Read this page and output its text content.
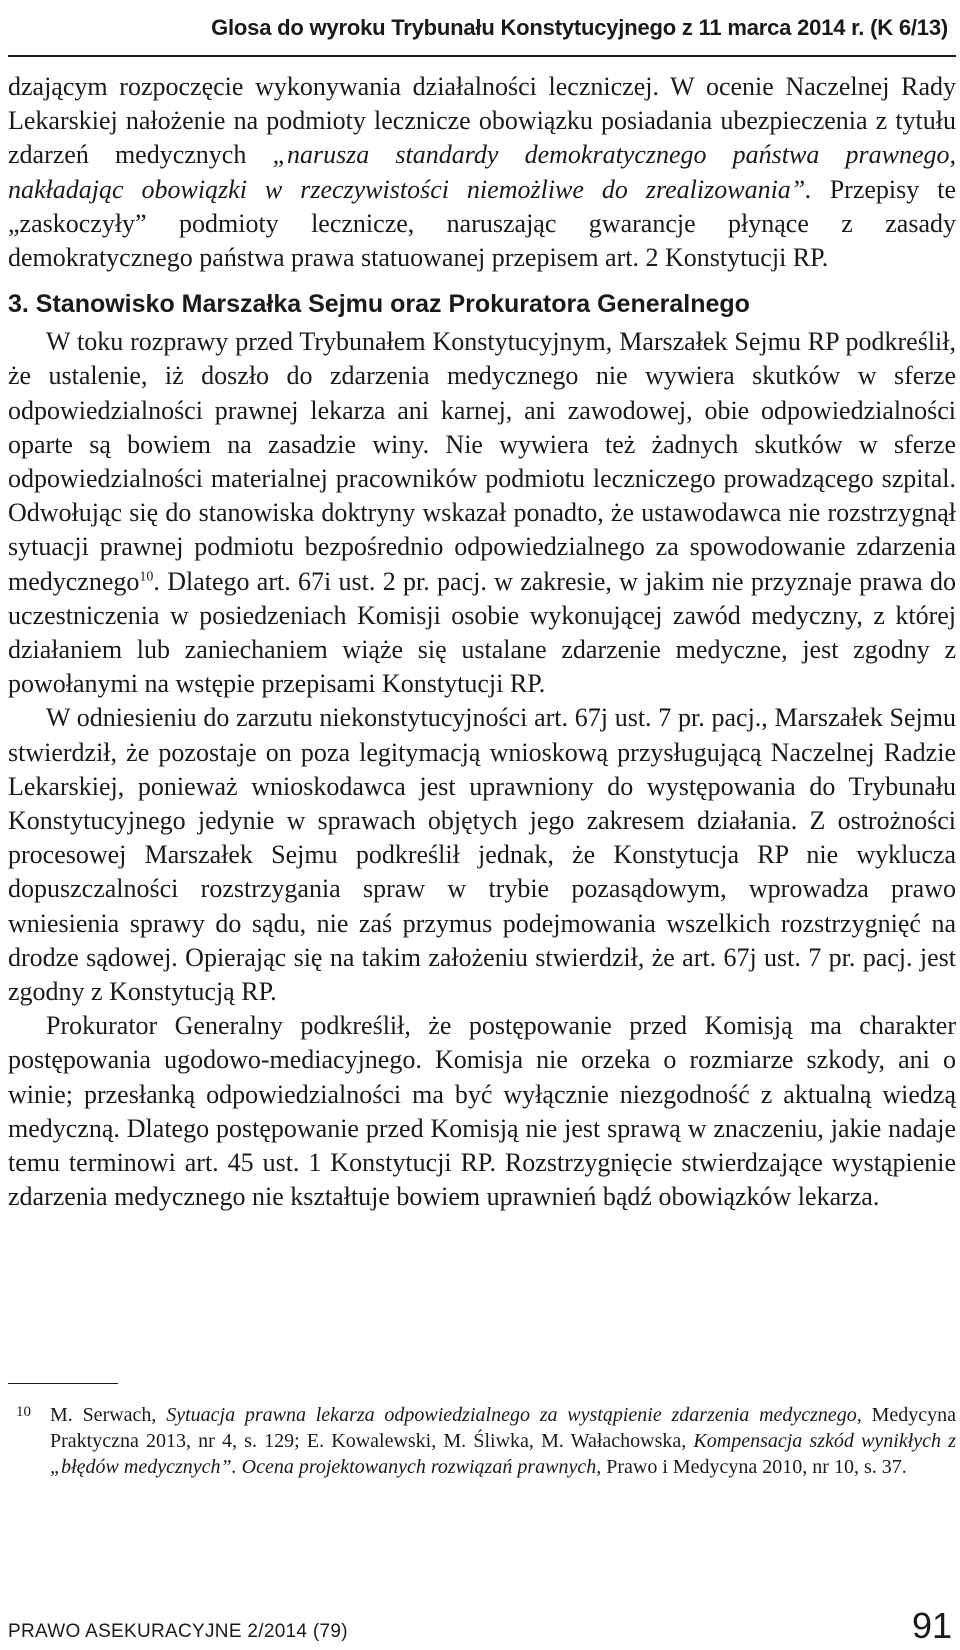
Glosa do wyroku Trybunału Konstytucyjnego z 11 marca 2014 r. (K 6/13)

dzającym rozpoczęcie wykonywania działalności leczniczej. W ocenie Naczelnej Rady Lekarskiej nałożenie na podmioty lecznicze obowiązku posiadania ubezpieczenia z tytułu zdarzeń medycznych „narusza standardy demokratycznego państwa prawnego, nakładając obowiązki w rzeczywistości niemożliwe do zrealizowania”. Przepisy te „zaskoczyły” podmioty lecznicze, naruszając gwarancje płynące z zasady demokratycznego państwa prawa statuowanej przepisem art. 2 Konstytucji RP.

3. Stanowisko Marszałka Sejmu oraz Prokuratora Generalnego

W toku rozprawy przed Trybunałem Konstytucyjnym, Marszałek Sejmu RP podkreślił, że ustalenie, iż doszło do zdarzenia medycznego nie wywiera skutków w sferze odpowiedzialności prawnej lekarza ani karnej, ani zawodowej, obie odpowiedzialności oparte są bowiem na zasadzie winy. Nie wywiera też żadnych skutków w sferze odpowiedzialności materialnej pracowników podmiotu leczniczego prowadzącego szpital. Odwołując się do stanowiska doktryny wskazał ponadto, że ustawodawca nie rozstrzygnął sytuacji prawnej podmiotu bezpośrednio odpowiedzialnego za spowodowanie zdarzenia medycznego$^{10}$. Dlatego art. 67i ust. 2 pr. pacj. w zakresie, w jakim nie przyznaje prawa do uczestniczenia w posiedzeniach Komisji osobie wykonującej zawód medyczny, z której działaniem lub zaniechaniem wiąże się ustalane zdarzenie medyczne, jest zgodny z powołanymi na wstępie przepisami Konstytucji RP.

W odniesieniu do zarzutu niekonstytucyjności art. 67j ust. 7 pr. pacj., Marszałek Sejmu stwierdził, że pozostaje on poza legitymacją wnioskową przysługującą Naczelnej Radzie Lekarskiej, ponieważ wnioskodawca jest uprawniony do występowania do Trybunału Konstytucyjnego jedynie w sprawach objętych jego zakresem działania. Z ostrożności procesowej Marszałek Sejmu podkreślił jednak, że Konstytucja RP nie wyklucza dopuszczalności rozstrzygania spraw w trybie pozasądowym, wprowadza prawo wniesienia sprawy do sądu, nie zaś przymus podejmowania wszelkich rozstrzygnięć na drodze sądowej. Opierając się na takim założeniu stwierdził, że art. 67j ust. 7 pr. pacj. jest zgodny z Konstytucją RP.

Prokurator Generalny podkreślił, że postępowanie przed Komisją ma charakter postępowania ugodowo-mediacyjnego. Komisja nie orzeka o rozmiarze szkody, ani o winie; przesłanką odpowiedzialności ma być wyłącznie niezgodność z aktualną wiedzą medyczną. Dlatego postępowanie przed Komisją nie jest sprawą w znaczeniu, jakie nadaje temu terminowi art. 45 ust. 1 Konstytucji RP. Rozstrzygnięcie stwierdzające wystąpienie zdarzenia medycznego nie kształtuje bowiem uprawnień bądź obowiązków lekarza.

10 M. Serwach, Sytuacja prawna lekarza odpowiedzialnego za wystąpienie zdarzenia medycznego, Medycyna Praktyczna 2013, nr 4, s. 129; E. Kowalewski, M. Śliwka, M. Wałachowska, Kompensacja szkód wynikłych z „błędów medycznych”. Ocena projektowanych rozwiązań prawnych, Prawo i Medycyna 2010, nr 10, s. 37.
PRAWO ASEKURACYJNE 2/2014 (79)	91
